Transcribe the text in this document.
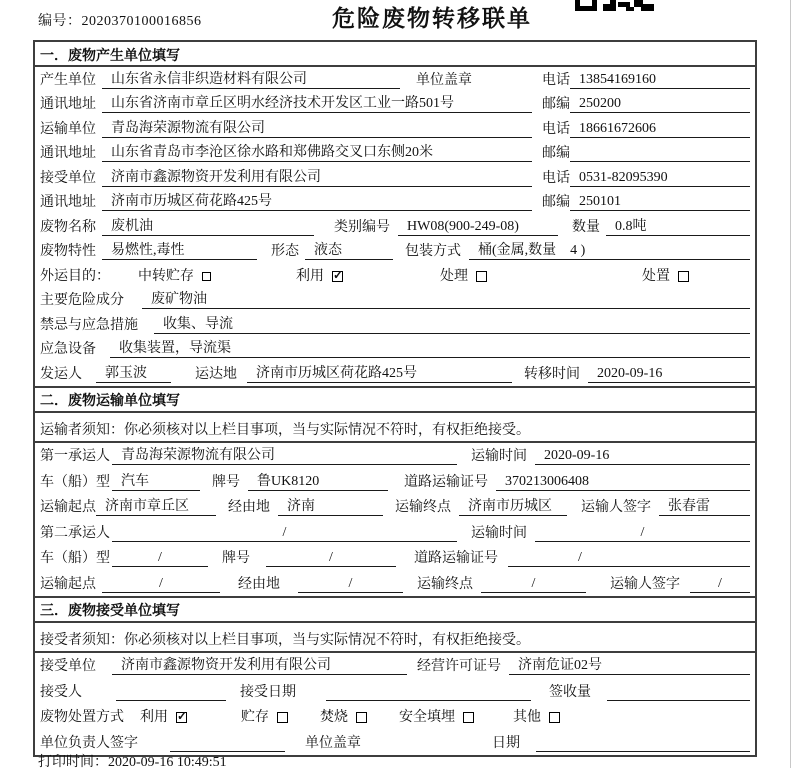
编号：2020370100016856	危险废物转移联单
一．废物产生单位填写
产生单位	山东省永信非织造材料有限公司	单位盖章	电话 13854169160
通讯地址	山东省济南市章丘区明水经济技术开发区工业一路501号	邮编 250200
运输单位	青岛海荣源物流有限公司	电话 18661672606
通讯地址	山东省青岛市李沧区徐水路和郑佛路交叉口东侧20米	邮编
接受单位	济南市鑫源物资开发利用有限公司	电话 0531-82095390
通讯地址	济南市历城区荷花路425号	邮编 250101
废物名称	废机油	类别编号	HW08(900-249-08)	数量	0.8吨
废物特性	易燃性,毒性	形态	液态	包装方式	桶(金属,数量　4 )
外运目的：	中转贮存	利用 ✓	处理	处置
主要危险成分	废矿物油
禁忌与应急措施	收集、导流
应急设备	收集装置，导流渠
发运人	郭玉波	运达地	济南市历城区荷花路425号	转移时间	2020-09-16
二．废物运输单位填写
运输者须知：你必须核对以上栏目事项，当与实际情况不符时，有权拒绝接受。
第一承运人 青岛海荣源物流有限公司	运输时间	2020-09-16
车（船）型 汽车	牌号	鲁UK8120	道路运输证号	370213006408
运输起点 济南市章丘区	经由地	济南	运输终点	济南市历城区	运输人签字	张春雷
第二承运人	/	运输时间	/
车（船）型	/	牌号	/	道路运输证号	/
运输起点	/	经由地	/	运输终点	/	运输人签字	/
三．废物接受单位填写
接受者须知：你必须核对以上栏目事项，当与实际情况不符时，有权拒绝接受。
接受单位	济南市鑫源物资开发利用有限公司	经营许可证号	济南危证02号
接受人	接受日期	签收量
废物处置方式 利用 ✓	贮存	焚烧	安全填埋	其他
单位负责人签字	单位盖章	日期
打印时间：2020-09-16 10:49:51
